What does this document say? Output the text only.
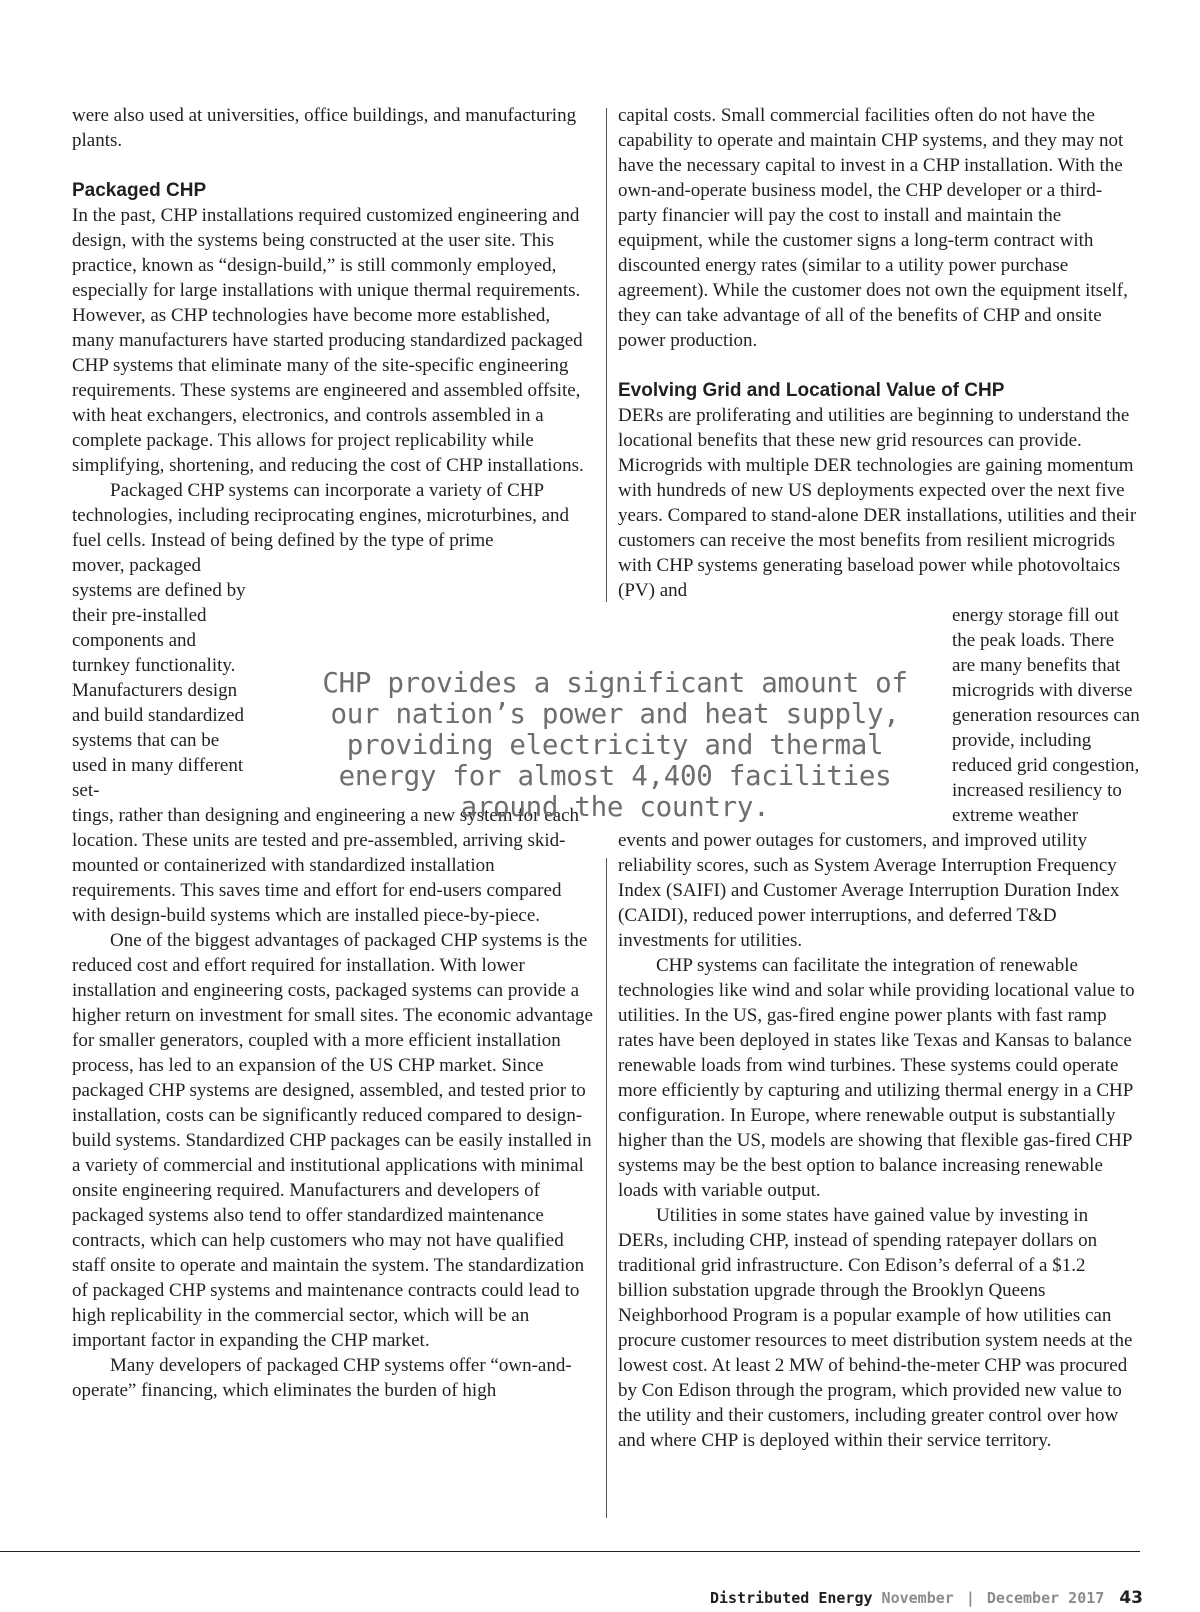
were also used at universities, office buildings, and manufacturing plants.

Packaged CHP

In the past, CHP installations required customized engineering and design, with the systems being constructed at the user site. This practice, known as “design-build,” is still commonly employed, especially for large installations with unique thermal requirements. However, as CHP technologies have become more established, many manufacturers have started producing standardized packaged CHP systems that eliminate many of the site-specific engineering requirements. These systems are engineered and assembled offsite, with heat exchangers, electronics, and controls assembled in a complete package. This allows for project replicability while simplifying, shortening, and reducing the cost of CHP installations.

Packaged CHP systems can incorporate a variety of CHP technologies, including reciprocating engines, microturbines, and fuel cells. Instead of being defined by the type of prime

mover, packaged systems are defined by their pre-installed components and turnkey functionality. Manufacturers design and build standardized systems that can be used in many different set-

tings, rather than designing and engineering a new system for each location. These units are tested and pre-assembled, arriving skid-mounted or containerized with standardized installation requirements. This saves time and effort for end-users compared with design-build systems which are installed piece-by-piece.

One of the biggest advantages of packaged CHP systems is the reduced cost and effort required for installation. With lower installation and engineering costs, packaged systems can provide a higher return on investment for small sites. The economic advantage for smaller generators, coupled with a more efficient installation process, has led to an expansion of the US CHP market. Since packaged CHP systems are designed, assembled, and tested prior to installation, costs can be significantly reduced compared to design-build systems. Standardized CHP packages can be easily installed in a variety of commercial and institutional applications with minimal onsite engineering required. Manufacturers and developers of packaged systems also tend to offer standardized maintenance contracts, which can help customers who may not have qualified staff onsite to operate and maintain the system. The standardization of packaged CHP systems and maintenance contracts could lead to high replicability in the commercial sector, which will be an important factor in expanding the CHP market.

Many developers of packaged CHP systems offer “own-and-operate” financing, which eliminates the burden of high

capital costs. Small commercial facilities often do not have the capability to operate and maintain CHP systems, and they may not have the necessary capital to invest in a CHP installation. With the own-and-operate business model, the CHP developer or a third-party financier will pay the cost to install and maintain the equipment, while the customer signs a long-term contract with discounted energy rates (similar to a utility power purchase agreement). While the customer does not own the equipment itself, they can take advantage of all of the benefits of CHP and onsite power production.

Evolving Grid and Locational Value of CHP

DERs are proliferating and utilities are beginning to understand the locational benefits that these new grid resources can provide. Microgrids with multiple DER technologies are gaining momentum with hundreds of new US deployments expected over the next five years. Compared to stand-alone DER installations, utilities and their customers can receive the most benefits from resilient microgrids with CHP systems generating baseload power while photovoltaics (PV) and

energy storage fill out the peak loads. There are many benefits that microgrids with diverse generation resources can provide, including reduced grid congestion, increased resiliency to extreme weather

events and power outages for customers, and improved utility reliability scores, such as System Average Interruption Frequency Index (SAIFI) and Customer Average Interruption Duration Index (CAIDI), reduced power interruptions, and deferred T&D investments for utilities.

CHP systems can facilitate the integration of renewable technologies like wind and solar while providing locational value to utilities. In the US, gas-fired engine power plants with fast ramp rates have been deployed in states like Texas and Kansas to balance renewable loads from wind turbines. These systems could operate more efficiently by capturing and utilizing thermal energy in a CHP configuration. In Europe, where renewable output is substantially higher than the US, models are showing that flexible gas-fired CHP systems may be the best option to balance increasing renewable loads with variable output.

Utilities in some states have gained value by investing in DERs, including CHP, instead of spending ratepayer dollars on traditional grid infrastructure. Con Edison’s deferral of a $1.2 billion substation upgrade through the Brooklyn Queens Neighborhood Program is a popular example of how utilities can procure customer resources to meet distribution system needs at the lowest cost. At least 2 MW of behind-the-meter CHP was procured by Con Edison through the program, which provided new value to the utility and their customers, including greater control over how and where CHP is deployed within their service territory.

CHP provides a significant amount of our nation’s power and heat supply, providing electricity and thermal energy for almost 4,400 facilities around the country.
Distributed Energy November | December 2017 43
